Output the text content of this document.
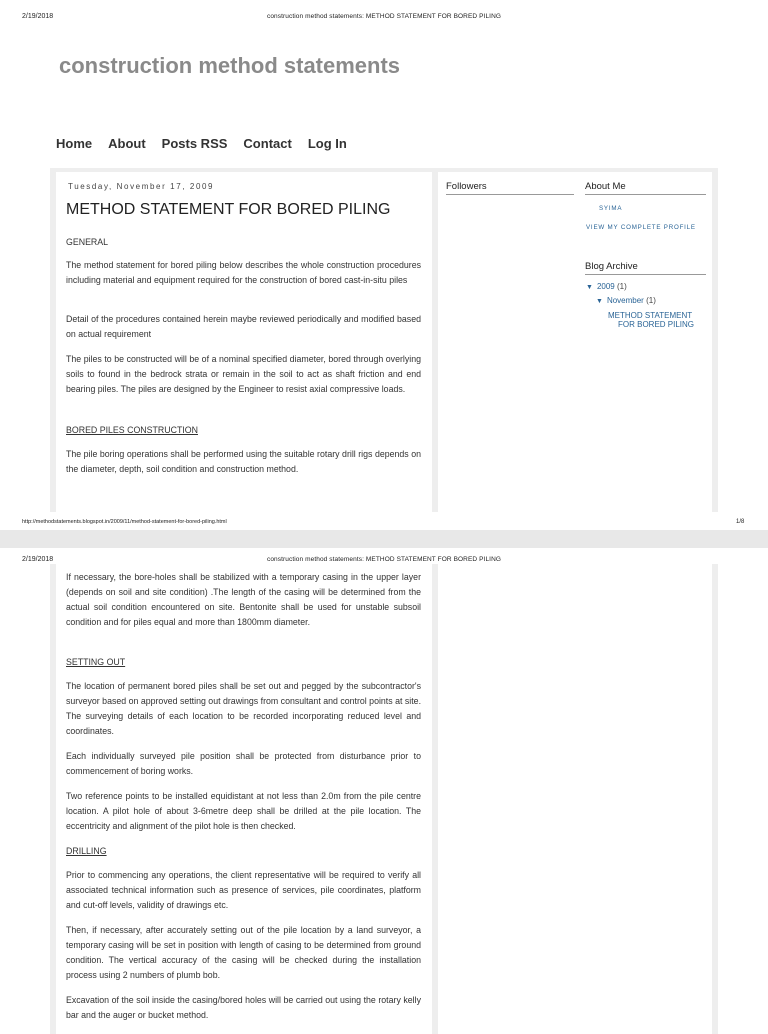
2/19/2018	construction method statements: METHOD STATEMENT FOR BORED PILING
construction method statements
Home About Posts RSS Contact Log In
Tuesday, November 17, 2009
METHOD STATEMENT FOR BORED PILING
GENERAL
The method statement for bored piling below describes the whole construction procedures including material and equipment required for the construction of bored cast-in-situ piles
Detail of the procedures contained herein maybe reviewed periodically and modified based on actual requirement
The piles to be constructed will be of a nominal specified diameter, bored through overlying soils to found in the bedrock strata or remain in the soil to act as shaft friction and end bearing piles. The piles are designed by the Engineer to resist axial compressive loads.
BORED PILES CONSTRUCTION
The pile boring operations shall be performed using the suitable rotary drill rigs depends on the diameter, depth, soil condition and construction method.
Followers	About Me
SYIMA
VIEW MY COMPLETE PROFILE
Blog Archive
▼ 2009 (1)
▼ November (1)
METHOD STATEMENT
FOR BORED PILING
http://methodstatements.blogspot.in/2009/11/method-statement-for-bored-piling.html	1/8
2/19/2018	construction method statements: METHOD STATEMENT FOR BORED PILING
If necessary, the bore-holes shall be stabilized with a temporary casing in the upper layer (depends on soil and site condition) .The length of the casing will be determined from the actual soil condition encountered on site. Bentonite shall be used for unstable subsoil condition and for piles equal and more than 1800mm diameter.
SETTING OUT
The location of permanent bored piles shall be set out and pegged by the subcontractor's surveyor based on approved setting out drawings from consultant and control points at site. The surveying details of each location to be recorded incorporating reduced level and coordinates.
Each individually surveyed pile position shall be protected from disturbance prior to commencement of boring works.
Two reference points to be installed equidistant at not less than 2.0m from the pile centre location. A pilot hole of about 3-6metre deep shall be drilled at the pile location. The eccentricity and alignment of the pilot hole is then checked.
DRILLING
Prior to commencing any operations, the client representative will be required to verify all associated technical information such as presence of services, pile coordinates, platform and cut-off levels, validity of drawings etc.
Then, if necessary, after accurately setting out of the pile location by a land surveyor, a temporary casing will be set in position with length of casing to be determined from ground condition. The vertical accuracy of the casing will be checked during the installation process using 2 numbers of plumb bob.
Excavation of the soil inside the casing/bored holes will be carried out using the rotary kelly bar and the auger or bucket method.
